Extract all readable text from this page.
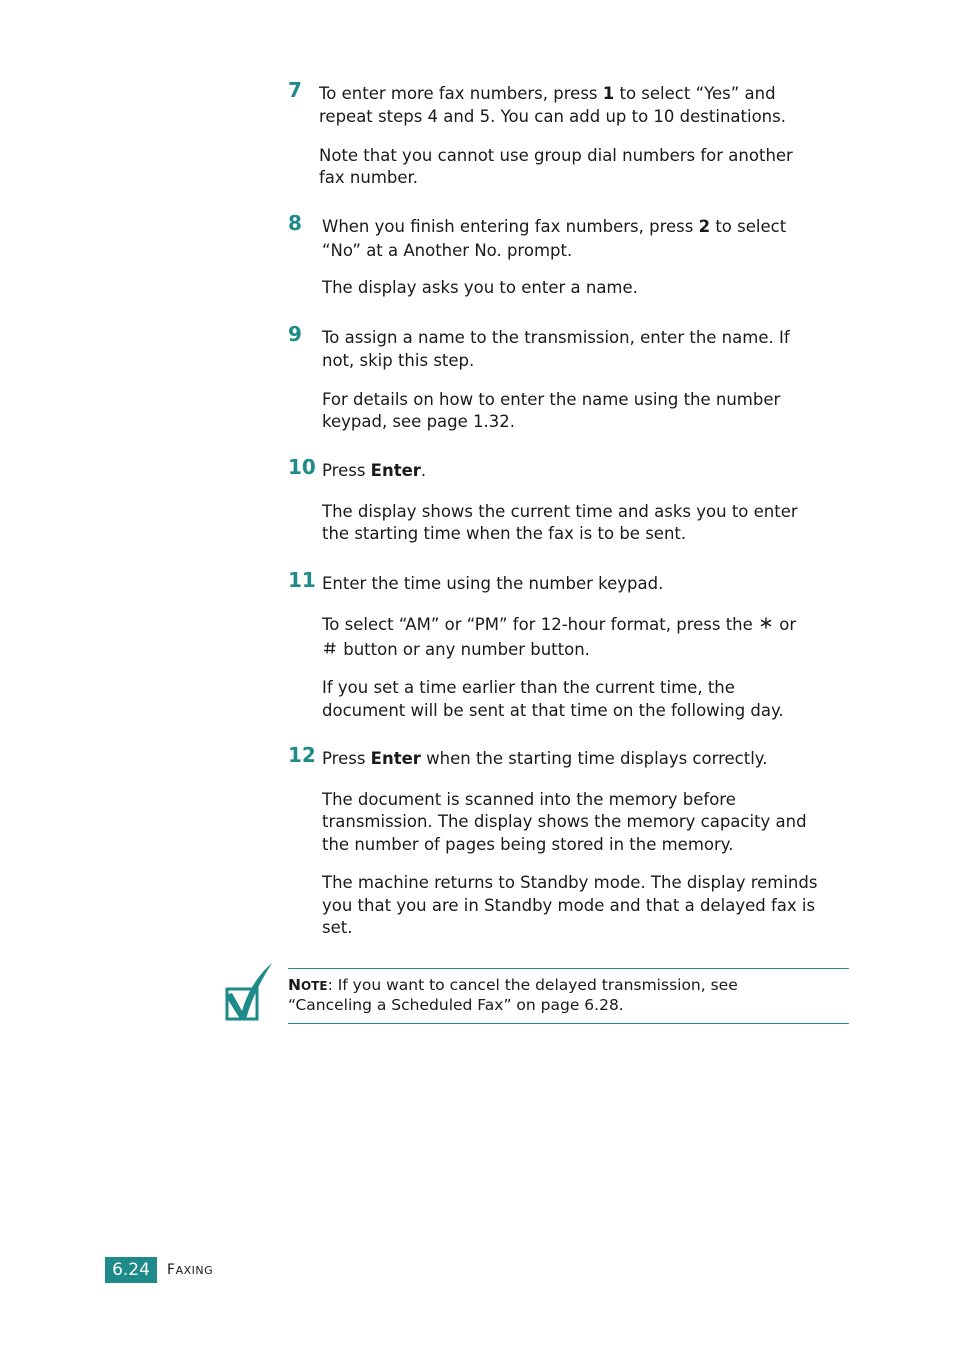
7 To enter more fax numbers, press 1 to select “Yes” and
repeat steps 4 and 5. You can add up to 10 destinations.
Note that you cannot use group dial numbers for another
fax number.
8 When you finish entering fax numbers, press 2 to select
“No” at a Another No. prompt.
The display asks you to enter a name.
9 To assign a name to the transmission, enter the name. If
not, skip this step.
For details on how to enter the name using the number
keypad, see page 1.32.
10 Press Enter.
The display shows the current time and asks you to enter
the starting time when the fax is to be sent.
11 Enter the time using the number keypad.
To select “AM” or “PM” for 12-hour format, press the  or
button or any number button.
If you set a time earlier than the current time, the
document will be sent at that time on the following day.
12 Press Enter when the starting time displays correctly.
The document is scanned into the memory before
transmission. The display shows the memory capacity and
the number of pages being stored in the memory.
The machine returns to Standby mode. The display reminds
you that you are in Standby mode and that a delayed fax is
set.
NOTE: If you want to cancel the delayed transmission, see
“Canceling a Scheduled Fax” on page 6.28.
6.24	FAXING
